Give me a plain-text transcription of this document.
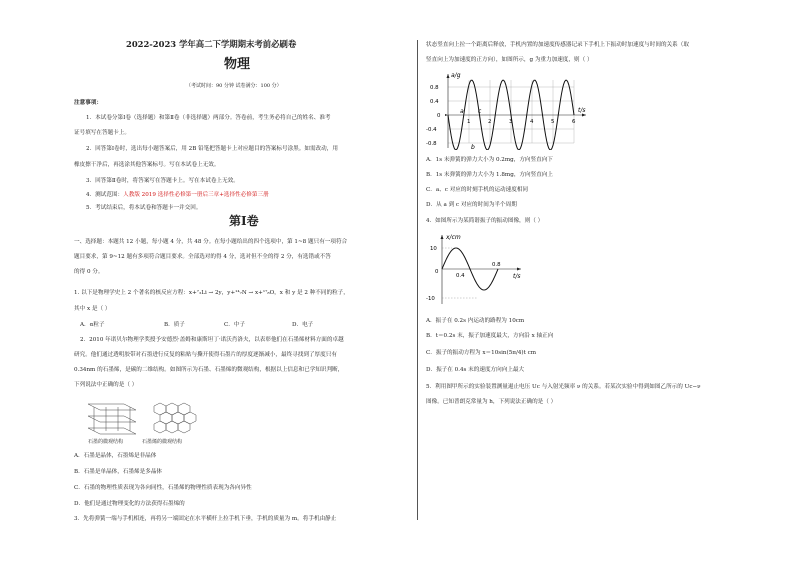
2022-2023 学年高二下学期期末考前必刷卷
物理
（考试时间：90 分钟 试卷满分：100 分）
注意事项：
1．本试卷分第Ⅰ卷（选择题）和第Ⅱ卷（非选择题）两部分。答卷前，考生务必将自己的姓名、准考
证号填写在答题卡上。
2．回答第Ⅰ卷时，选出每小题答案后，用 2B 铅笔把答题卡上对应题目的答案标号涂黑。如需改动，用
橡皮擦干净后，再选涂其他答案标号。写在本试卷上无效。
3．回答第Ⅱ卷时，将答案写在答题卡上。写在本试卷上无效。
4．测试范围：人教版 2019 选择性必修第一册后三章+选择性必修第三册
5．考试结束后，将本试卷和答题卡一并交回。
第Ⅰ卷
一、选择题：本题共 12 小题，每小题 4 分，共 48 分。在每小题给出的四个选项中，第 1~8 题只有一项符合
题目要求，第 9~12 题有多项符合题目要求。全部选对的得 4 分，选对但不全的得 2 分，有选错或不答
的得 0 分。
1. 以下是物理学史上 2 个著名的核反应方程：x+⁷₃Li → 2y，y+¹⁴₇N → x+¹⁷₈O，x 和 y 是 2 种不同的粒子，
其中 x 是（ ）
A．α粒子	B．质子	C．中子	D．电子
2．2010 年诺贝尔物理学奖授予安德烈·盖姆和康斯坦丁·诺沃肖洛夫，以表彰他们在石墨烯材料方面的卓越
研究。他们通过透明胶带对石墨进行反复的粘贴与撕开使得石墨片的厚度逐渐减小，最终寻找到了厚度只有
0.34nm 的石墨烯，是碳的二维结构。如图所示为石墨、石墨烯的微观结构，根据以上信息和已学知识判断，
下列说法中正确的是（ ）
石墨的微观结构	石墨烯的微观结构
A．石墨是晶体，石墨烯是非晶体
B．石墨是单晶体，石墨烯是多晶体
C．石墨的物理性质表现为各向同性，石墨烯的物理性质表现为各向异性
D．他们是通过物理变化的方法获得石墨烯的
3．先将弹簧一端与手机相连，再将另一端固定在水平横杆上拉手机下垂，手机的质量为 m。将手机由静止
状态竖直向上拉一个距离后释放，手机内置的加速度传感器记录下手机上下振动时加速度与时间的关系（取
竖直向上为加速度的正方向），如图所示，g 为重力加速度，则（ ）
a/g
t/s
0.8
0.4
0
-0.4
-0.8
1	2	3	4	5	6
a c
b
A．1s 末弹簧的弹力大小为 0.2mg，方向竖直向下
B．1s 末弹簧的弹力大小为 1.8mg，方向竖直向上
C．a、c 对应的时刻手机的运动速度相同
D．从 a 到 c 对应的时间为半个周期
4．如图所示为某简谐振子的振动图像，则（ ）
x/cm
t/s
10
0
-10
0.4
0.8
A．振子在 0.2s 内运动的路程为 10cm
B．t＝0.2s 末，振子加速度最大，方向沿 x 轴正向
C．振子的振动方程为 x＝10sin(5π/4)t cm
D．振子在 0.4s 末的速度方向向上最大
5．利用图甲所示的实验装置测量遏止电压 Uc 与入射光频率 ν 的关系。若某次实验中得到如图乙所示的 Uc−ν
图像。已知普朗克常量为 h，下列说法正确的是（ ）
